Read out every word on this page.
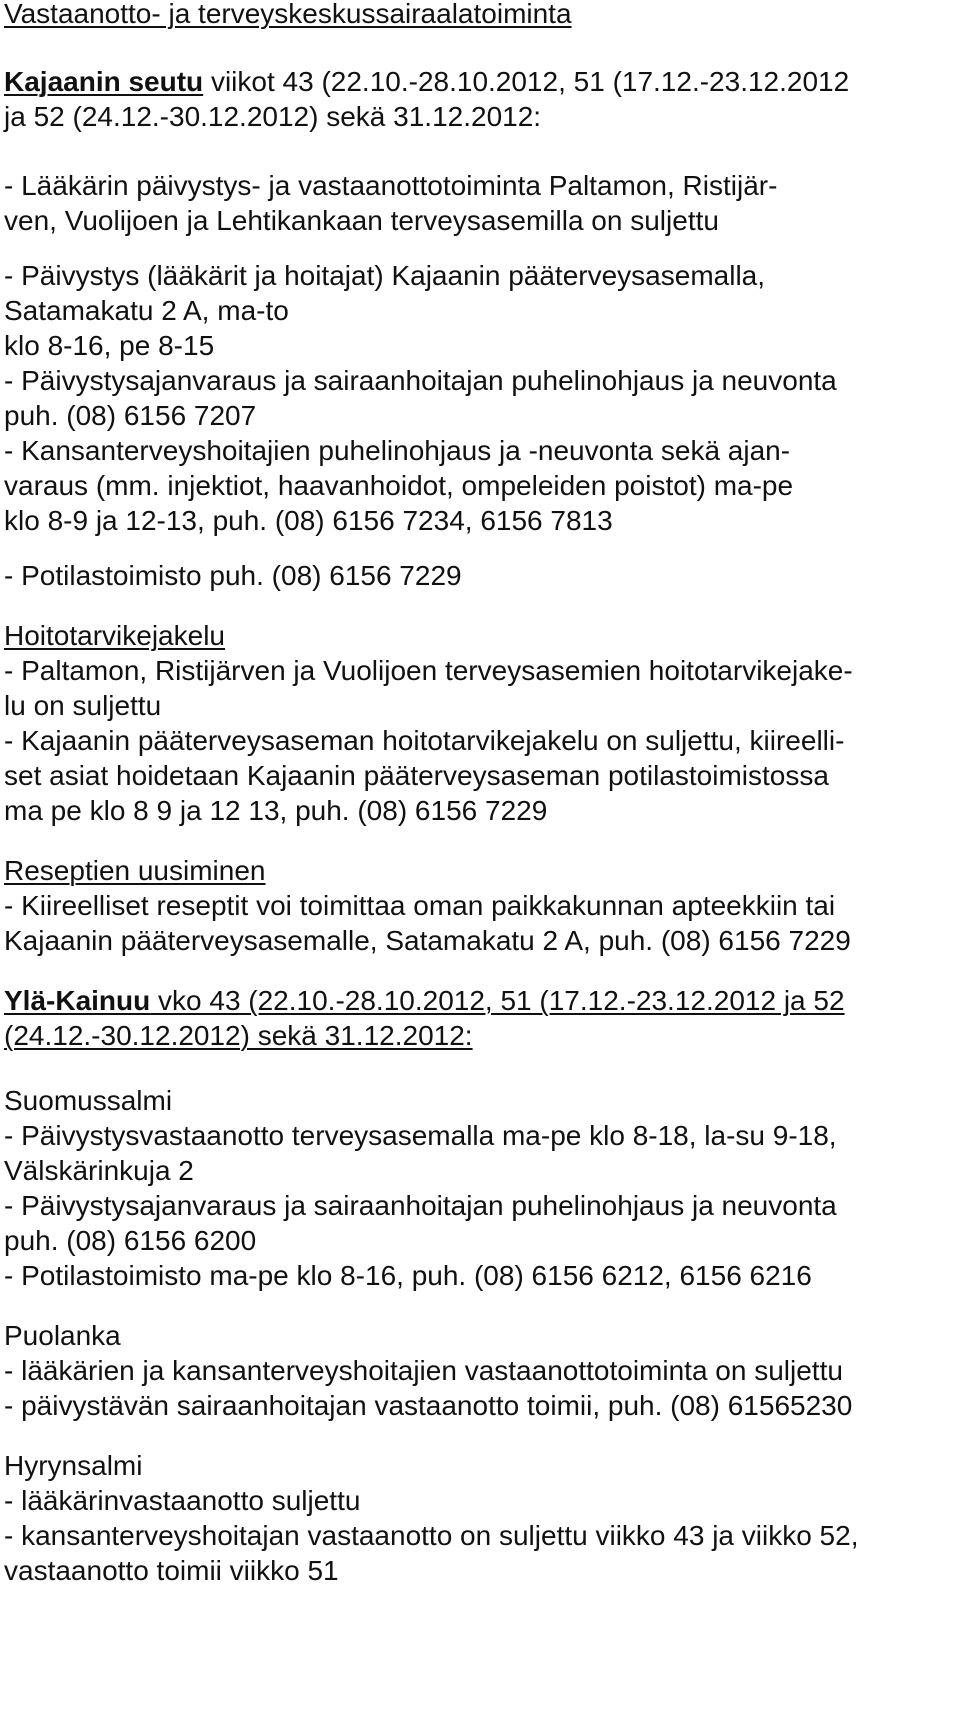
Vastaanotto- ja terveyskeskussairaalatoiminta
Kajaanin seutu viikot 43 (22.10.-28.10.2012, 51 (17.12.-23.12.2012
ja 52 (24.12.-30.12.2012) sekä 31.12.2012:
- Lääkärin päivystys- ja vastaanottotoiminta Paltamon, Ristijär-
ven, Vuolijoen ja Lehtikankaan terveysasemilla on suljettu
- Päivystys (lääkärit ja hoitajat) Kajaanin pääterveysasemalla,
Satamakatu 2 A, ma-to
klo 8-16, pe 8-15
- Päivystysajanvaraus ja sairaanhoitajan puhelinohjaus ja neuvonta
puh. (08) 6156 7207
- Kansanterveyshoitajien puhelinohjaus ja -neuvonta sekä ajan-
varaus (mm. injektiot, haavanhoidot, ompeleiden poistot) ma-pe
klo 8-9 ja 12-13, puh. (08) 6156 7234, 6156 7813
- Potilastoimisto puh. (08) 6156 7229
Hoitotarvikejakelu
- Paltamon, Ristijärven ja Vuolijoen terveysasemien hoitotarvikejake-
lu on suljettu
- Kajaanin pääterveysaseman hoitotarvikejakelu on suljettu, kiireelli-
set asiat hoidetaan Kajaanin pääterveysaseman potilastoimistossa
ma pe klo 8 9 ja 12 13, puh. (08) 6156 7229
Reseptien uusiminen
- Kiireelliset reseptit voi toimittaa oman paikkakunnan apteekkiin tai
Kajaanin pääterveysasemalle, Satamakatu 2 A, puh. (08) 6156 7229
Ylä-Kainuu vko 43 (22.10.-28.10.2012, 51 (17.12.-23.12.2012 ja 52
(24.12.-30.12.2012) sekä 31.12.2012:
Suomussalmi
- Päivystysvastaanotto terveysasemalla ma-pe klo 8-18, la-su 9-18,
Välskärinkuja 2
- Päivystysajanvaraus ja sairaanhoitajan puhelinohjaus ja neuvonta
puh. (08) 6156 6200
- Potilastoimisto ma-pe klo 8-16, puh. (08) 6156 6212, 6156 6216
Puolanka
- lääkärien ja kansanterveyshoitajien vastaanottotoiminta on suljettu
- päivystävän sairaanhoitajan vastaanotto toimii, puh. (08) 61565230
Hyrynsalmi
- lääkärinvastaanotto suljettu
- kansanterveyshoitajan vastaanotto on suljettu viikko 43 ja viikko 52,
vastaanotto toimii viikko 51
